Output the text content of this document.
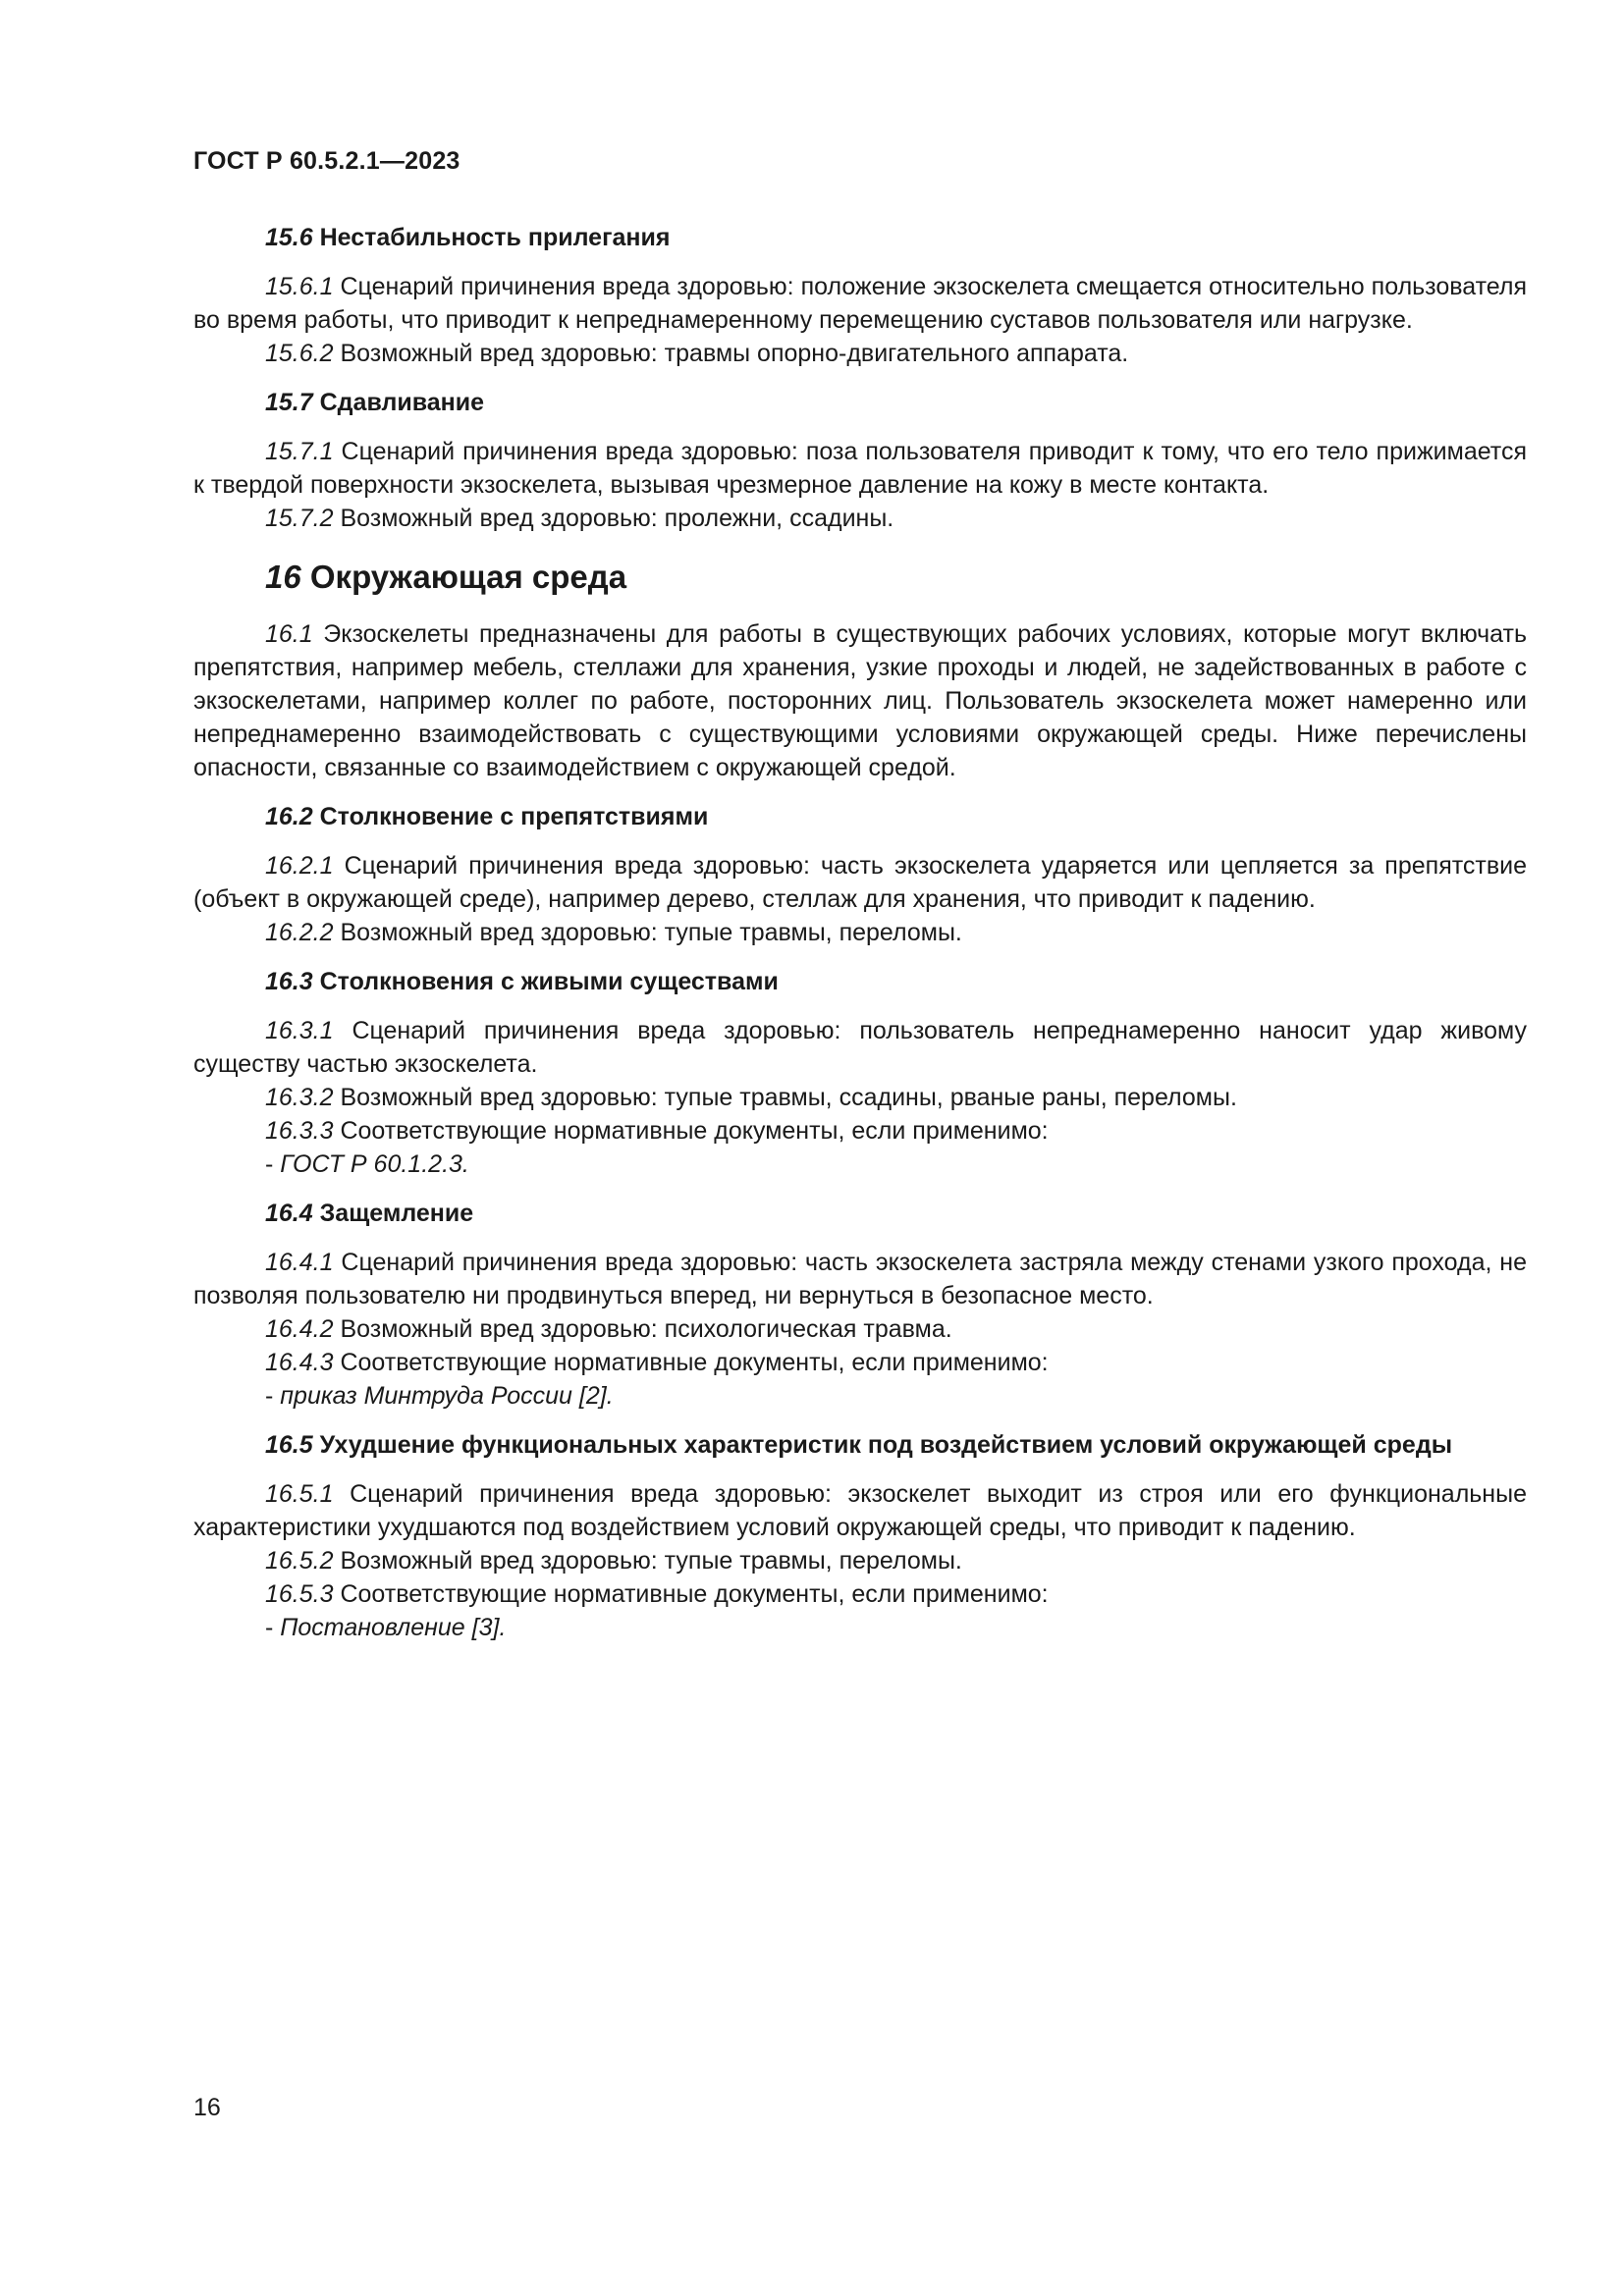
ГОСТ Р 60.5.2.1—2023
15.6 Нестабильность прилегания

15.6.1 Сценарий причинения вреда здоровью: положение экзоскелета смещается относительно пользователя во время работы, что приводит к непреднамеренному перемещению суставов пользователя или нагрузке.

15.6.2 Возможный вред здоровью: травмы опорно-двигательного аппарата.

15.7 Сдавливание

15.7.1 Сценарий причинения вреда здоровью: поза пользователя приводит к тому, что его тело прижимается к твердой поверхности экзоскелета, вызывая чрезмерное давление на кожу в месте контакта.

15.7.2 Возможный вред здоровью: пролежни, ссадины.

16 Окружающая среда

16.1 Экзоскелеты предназначены для работы в существующих рабочих условиях, которые могут включать препятствия, например мебель, стеллажи для хранения, узкие проходы и людей, не задействованных в работе с экзоскелетами, например коллег по работе, посторонних лиц. Пользователь экзоскелета может намеренно или непреднамеренно взаимодействовать с существующими условиями окружающей среды. Ниже перечислены опасности, связанные со взаимодействием с окружающей средой.

16.2 Столкновение с препятствиями

16.2.1 Сценарий причинения вреда здоровью: часть экзоскелета ударяется или цепляется за препятствие (объект в окружающей среде), например дерево, стеллаж для хранения, что приводит к падению.

16.2.2 Возможный вред здоровью: тупые травмы, переломы.

16.3 Столкновения с живыми существами

16.3.1 Сценарий причинения вреда здоровью: пользователь непреднамеренно наносит удар живому существу частью экзоскелета.

16.3.2 Возможный вред здоровью: тупые травмы, ссадины, рваные раны, переломы.

16.3.3 Соответствующие нормативные документы, если применимо:

- ГОСТ Р 60.1.2.3.

16.4 Защемление

16.4.1 Сценарий причинения вреда здоровью: часть экзоскелета застряла между стенами узкого прохода, не позволяя пользователю ни продвинуться вперед, ни вернуться в безопасное место.

16.4.2 Возможный вред здоровью: психологическая травма.

16.4.3 Соответствующие нормативные документы, если применимо:

- приказ Минтруда России [2].

16.5 Ухудшение функциональных характеристик под воздействием условий окружающей среды

16.5.1 Сценарий причинения вреда здоровью: экзоскелет выходит из строя или его функциональные характеристики ухудшаются под воздействием условий окружающей среды, что приводит к падению.

16.5.2 Возможный вред здоровью: тупые травмы, переломы.

16.5.3 Соответствующие нормативные документы, если применимо:

- Постановление [3].

16
